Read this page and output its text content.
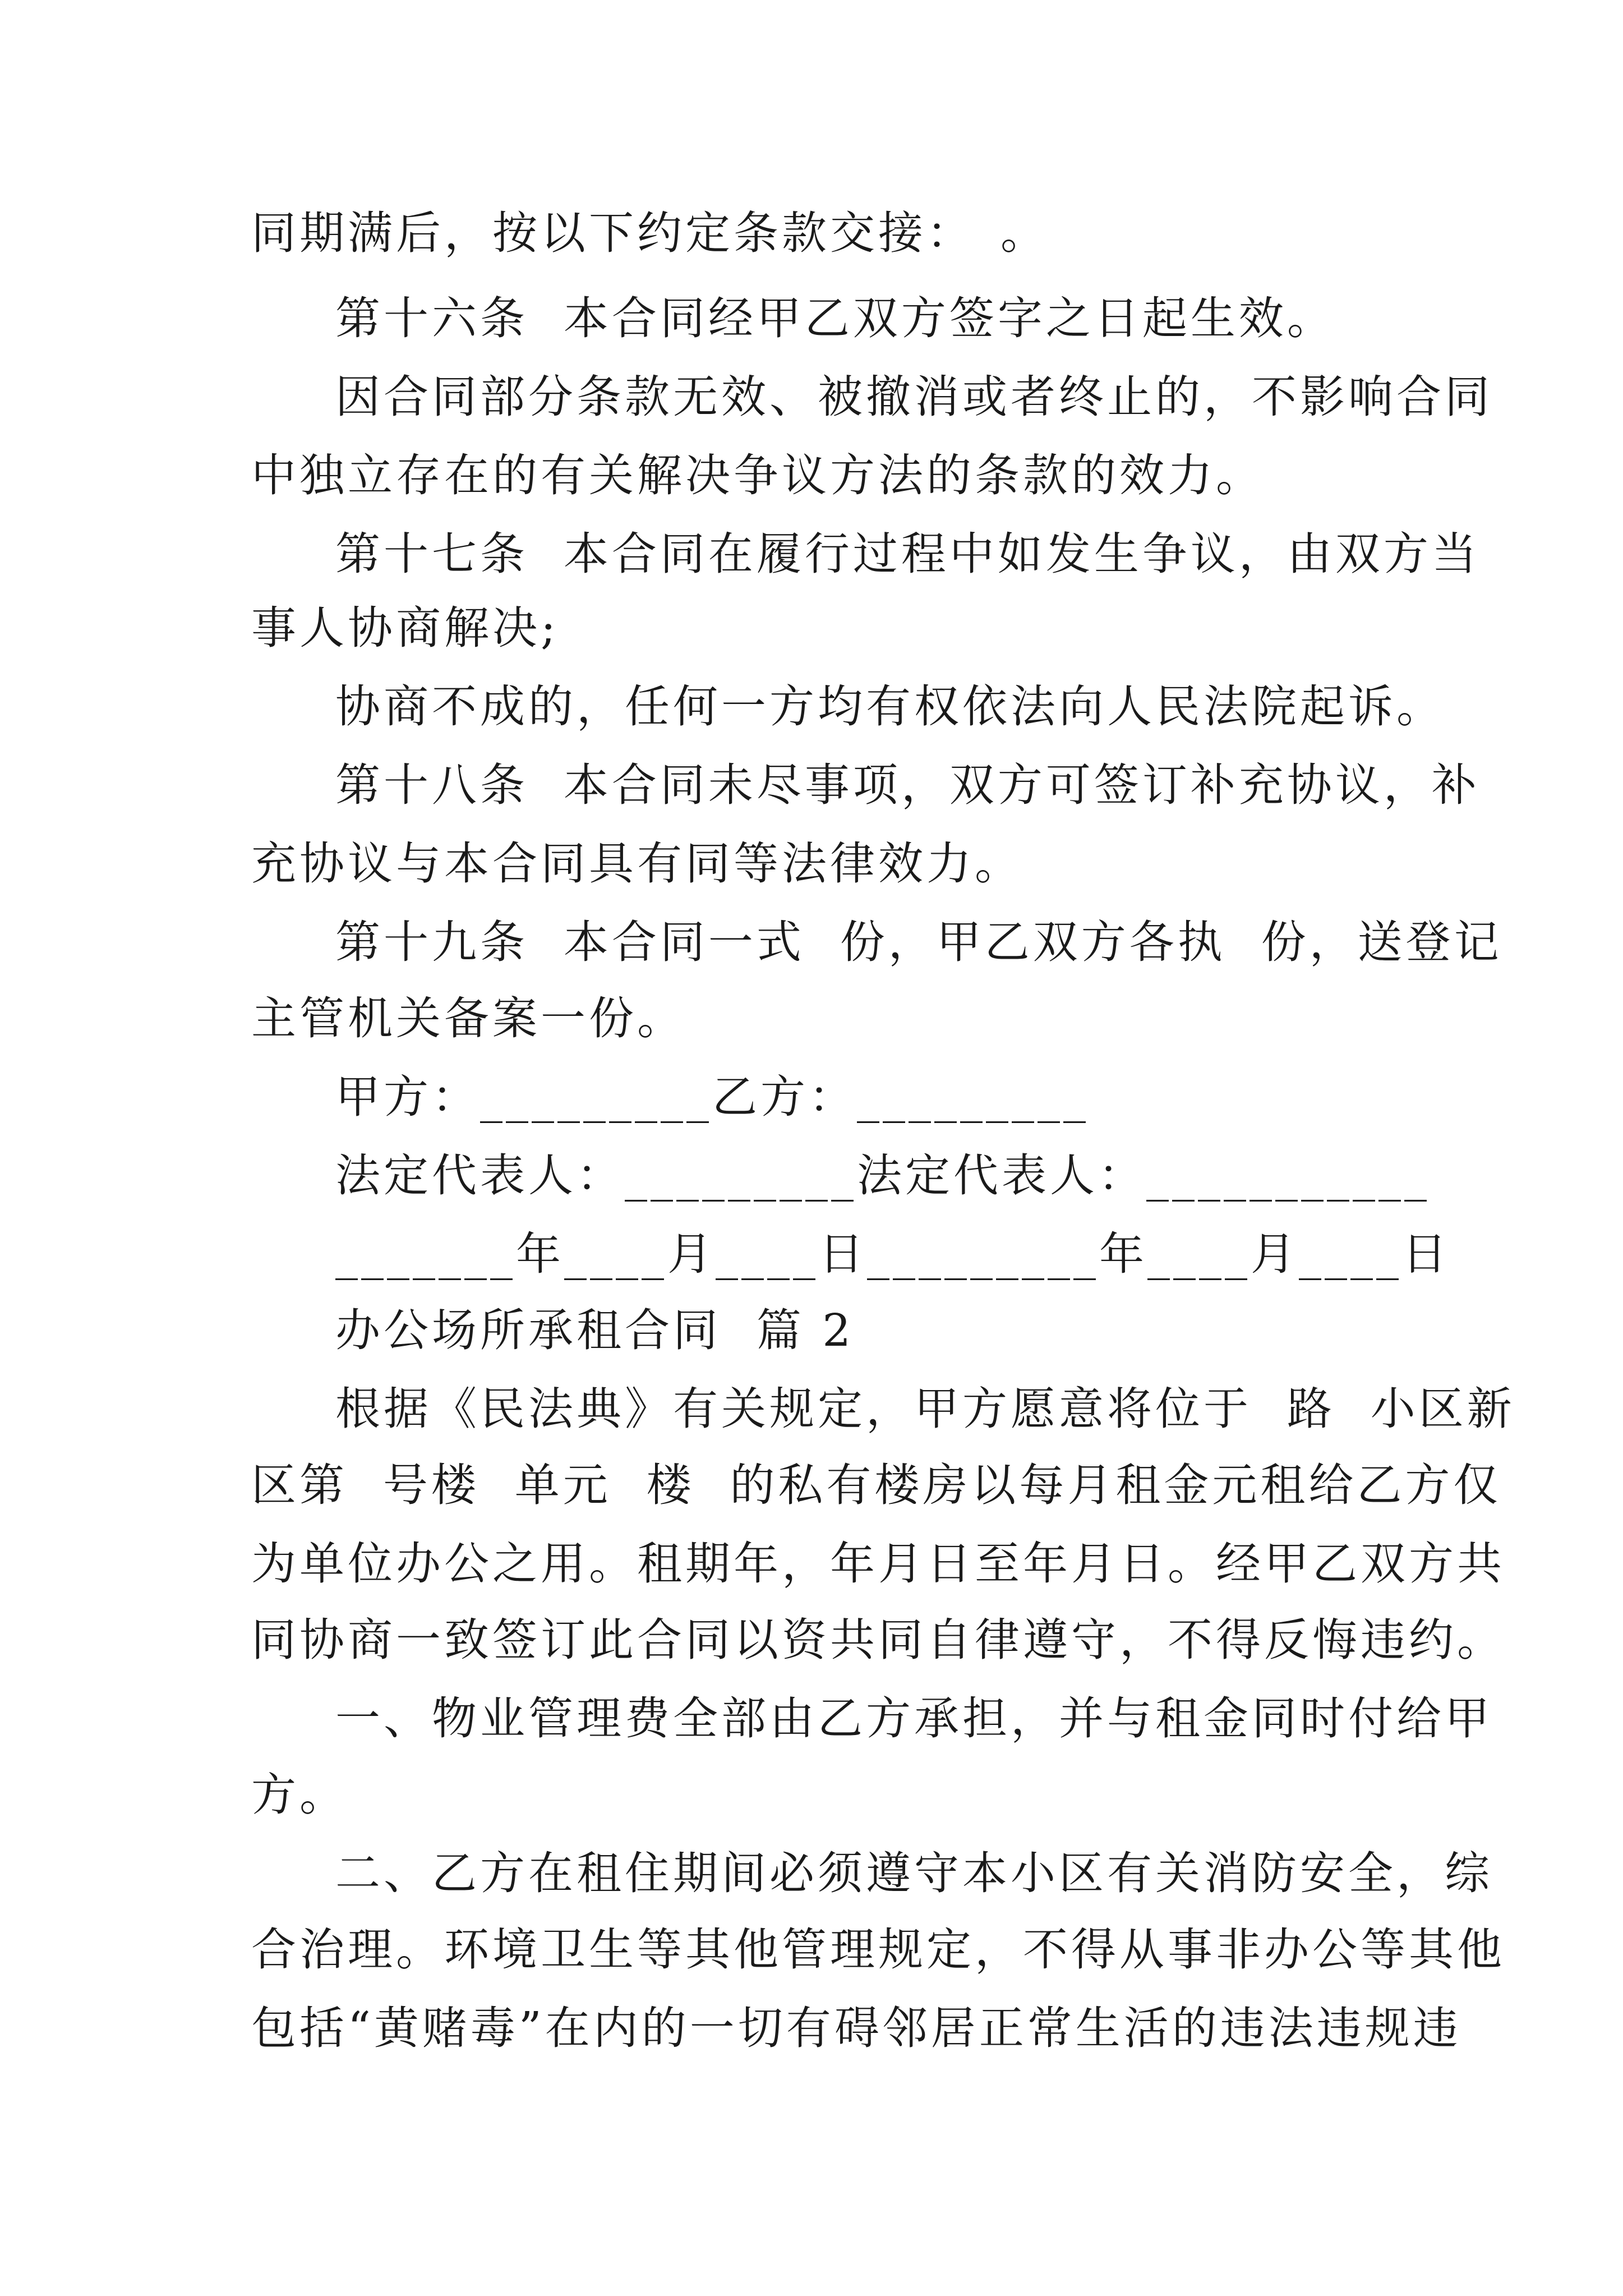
同期满后，按以下约定条款交接：　。
第十六条  本合同经甲乙双方签字之日起生效。
因合同部分条款无效、被撤消或者终止的，不影响合同
中独立存在的有关解决争议方法的条款的效力。
第十七条  本合同在履行过程中如发生争议，由双方当
事人协商解决;
协商不成的，任何一方均有权依法向人民法院起诉。
第十八条  本合同未尽事项，双方可签订补充协议，补
充协议与本合同具有同等法律效力。
第十九条  本合同一式  份，甲乙双方各执  份，送登记
主管机关备案一份。
甲方：_________乙方：_________
法定代表人：_________法定代表人：___________
_______年____月____日_________年____月____日
办公场所承租合同  篇 2
根据《民法典》有关规定，甲方愿意将位于  路  小区新
区第  号楼  单元  楼  的私有楼房以每月租金元租给乙方仅
为单位办公之用。租期年，年月日至年月日。经甲乙双方共
同协商一致签订此合同以资共同自律遵守，不得反悔违约。
一、物业管理费全部由乙方承担，并与租金同时付给甲
方。
二、乙方在租住期间必须遵守本小区有关消防安全，综
合治理。环境卫生等其他管理规定，不得从事非办公等其他
包括“黄赌毒”在内的一切有碍邻居正常生活的违法违规违
